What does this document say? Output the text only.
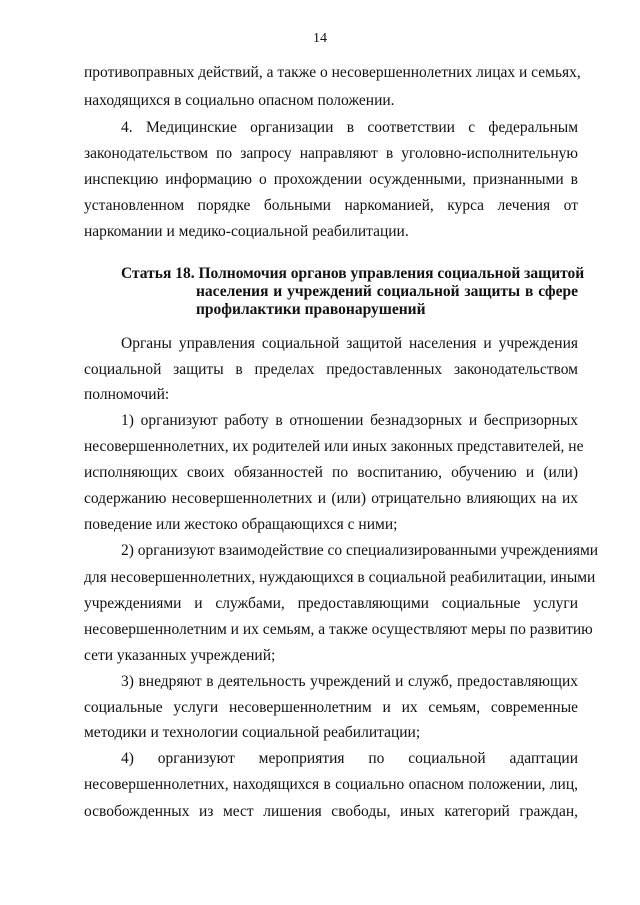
14
противоправных действий, а также о несовершеннолетних лицах и семьях,
находящихся в социально опасном положении.
4. Медицинские организации в соответствии с федеральным
законодательством по запросу направляют в уголовно-исполнительную
инспекцию информацию о прохождении осужденными, признанными в
установленном порядке больными наркоманией, курса лечения от
наркомании и медико-социальной реабилитации.
Статья 18. Полномочия органов управления социальной защитой
населения и учреждений социальной защиты в сфере
профилактики правонарушений
Органы управления социальной защитой населения и учреждения
социальной защиты в пределах предоставленных законодательством
полномочий:
1) организуют работу в отношении безнадзорных и беспризорных
несовершеннолетних, их родителей или иных законных представителей, не
исполняющих своих обязанностей по воспитанию, обучению и (или)
содержанию несовершеннолетних и (или) отрицательно влияющих на их
поведение или жестоко обращающихся с ними;
2) организуют взаимодействие со специализированными учреждениями
для несовершеннолетних, нуждающихся в социальной реабилитации, иными
учреждениями и службами, предоставляющими социальные услуги
несовершеннолетним и их семьям, а также осуществляют меры по развитию
сети указанных учреждений;
3) внедряют в деятельность учреждений и служб, предоставляющих
социальные услуги несовершеннолетним и их семьям, современные
методики и технологии социальной реабилитации;
4) организуют мероприятия по социальной адаптации
несовершеннолетних, находящихся в социально опасном положении, лиц,
освобожденных из мест лишения свободы, иных категорий граждан,
